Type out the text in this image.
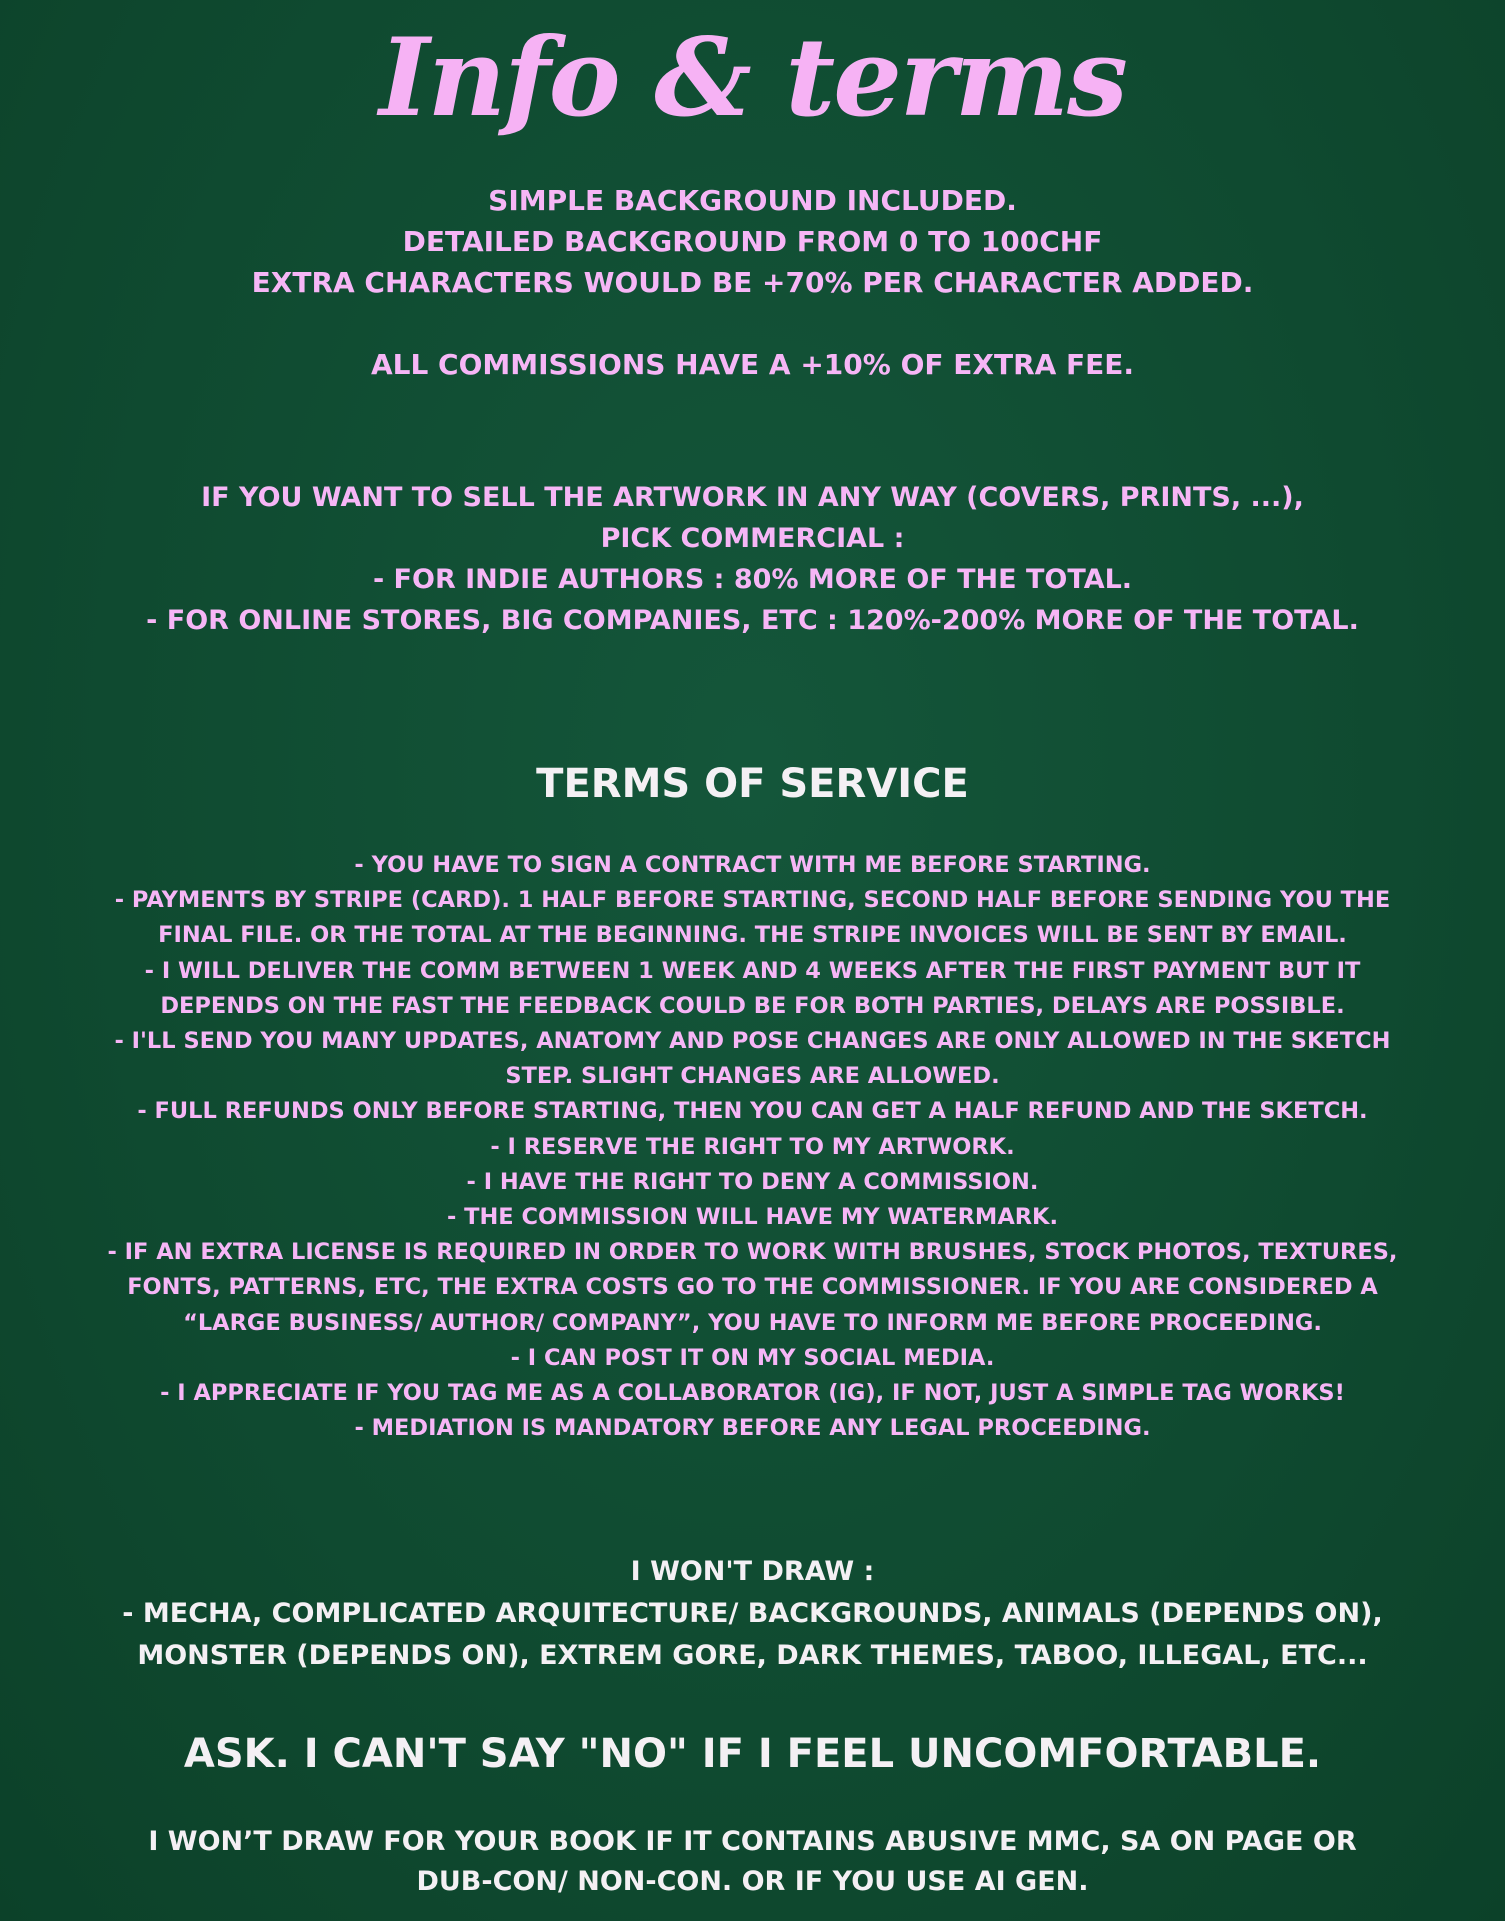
Info & terms
SIMPLE BACKGROUND INCLUDED.
DETAILED BACKGROUND FROM 0 TO 100CHF
EXTRA CHARACTERS WOULD BE +70% PER CHARACTER ADDED.
ALL COMMISSIONS HAVE A +10% OF EXTRA FEE.
IF YOU WANT TO SELL THE ARTWORK IN ANY WAY (COVERS, PRINTS, ...),
PICK COMMERCIAL :
- FOR INDIE AUTHORS : 80% MORE OF THE TOTAL.
- FOR ONLINE STORES, BIG COMPANIES, ETC : 120%-200% MORE OF THE TOTAL.
TERMS OF SERVICE
- YOU HAVE TO SIGN A CONTRACT WITH ME BEFORE STARTING.
- PAYMENTS BY STRIPE (CARD). 1 HALF BEFORE STARTING, SECOND HALF BEFORE SENDING YOU THE
FINAL FILE. OR THE TOTAL AT THE BEGINNING. THE STRIPE INVOICES WILL BE SENT BY EMAIL.
- I WILL DELIVER THE COMM BETWEEN 1 WEEK AND 4 WEEKS AFTER THE FIRST PAYMENT BUT IT
DEPENDS ON THE FAST THE FEEDBACK COULD BE FOR BOTH PARTIES, DELAYS ARE POSSIBLE.
- I'LL SEND YOU MANY UPDATES, ANATOMY AND POSE CHANGES ARE ONLY ALLOWED IN THE SKETCH
STEP. SLIGHT CHANGES ARE ALLOWED.
- FULL REFUNDS ONLY BEFORE STARTING, THEN YOU CAN GET A HALF REFUND AND THE SKETCH.
- I RESERVE THE RIGHT TO MY ARTWORK.
- I HAVE THE RIGHT TO DENY A COMMISSION.
- THE COMMISSION WILL HAVE MY WATERMARK.
- IF AN EXTRA LICENSE IS REQUIRED IN ORDER TO WORK WITH BRUSHES, STOCK PHOTOS, TEXTURES,
FONTS, PATTERNS, ETC, THE EXTRA COSTS GO TO THE COMMISSIONER. IF YOU ARE CONSIDERED A
“LARGE BUSINESS/ AUTHOR/ COMPANY”, YOU HAVE TO INFORM ME BEFORE PROCEEDING.
- I CAN POST IT ON MY SOCIAL MEDIA.
- I APPRECIATE IF YOU TAG ME AS A COLLABORATOR (IG), IF NOT, JUST A SIMPLE TAG WORKS!
- MEDIATION IS MANDATORY BEFORE ANY LEGAL PROCEEDING.
I WON'T DRAW :
- MECHA, COMPLICATED ARQUITECTURE/ BACKGROUNDS, ANIMALS (DEPENDS ON),
MONSTER (DEPENDS ON), EXTREM GORE, DARK THEMES, TABOO, ILLEGAL, ETC...
ASK. I CAN'T SAY "NO" IF I FEEL UNCOMFORTABLE.
I WON’T DRAW FOR YOUR BOOK IF IT CONTAINS ABUSIVE MMC, SA ON PAGE OR
DUB-CON/ NON-CON. OR IF YOU USE AI GEN.
